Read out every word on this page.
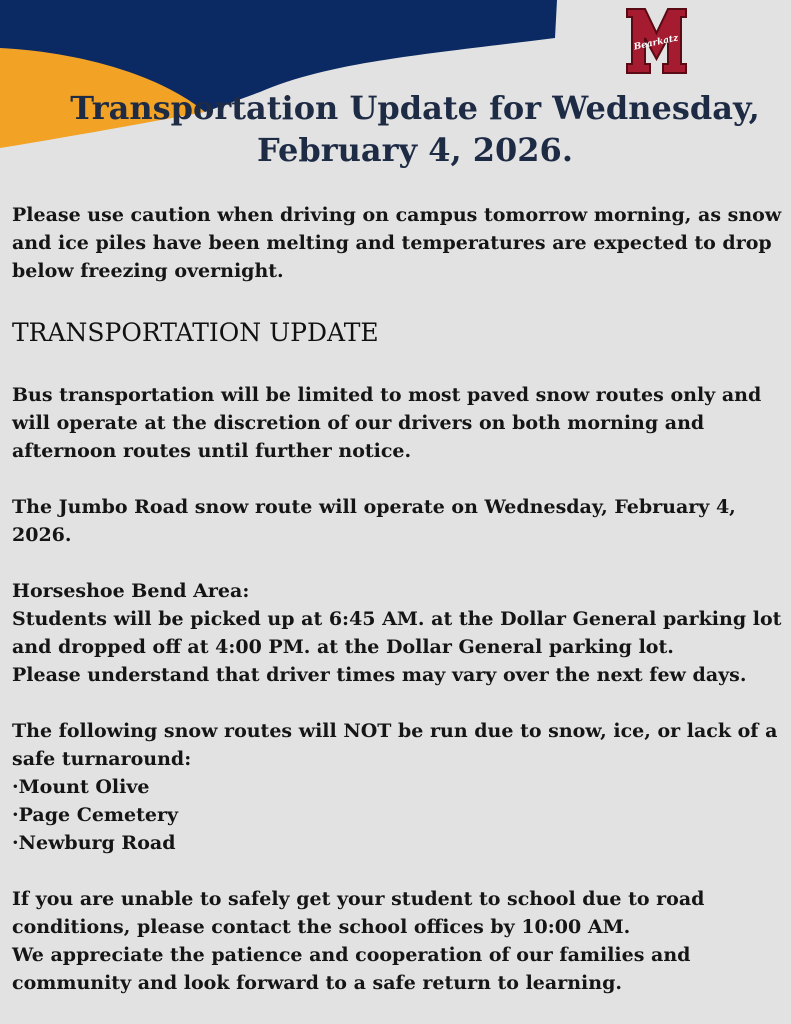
Bearkatz
Transportation Update for Wednesday, February 4, 2026.

Please use caution when driving on campus tomorrow morning, as snow and ice piles have been melting and temperatures are expected to drop below freezing overnight.

TRANSPORTATION UPDATE

Bus transportation will be limited to most paved snow routes only and will operate at the discretion of our drivers on both morning and afternoon routes until further notice.

The Jumbo Road snow route will operate on Wednesday, February 4, 2026.

Horseshoe Bend Area:

Students will be picked up at 6:45 AM. at the Dollar General parking lot and dropped off at 4:00 PM. at the Dollar General parking lot.

Please understand that driver times may vary over the next few days.

The following snow routes will NOT be run due to snow, ice, or lack of a safe turnaround:

·Mount Olive
·Page Cemetery
·Newburg Road

If you are unable to safely get your student to school due to road conditions, please contact the school offices by 10:00 AM.

We appreciate the patience and cooperation of our families and community and look forward to a safe return to learning.
